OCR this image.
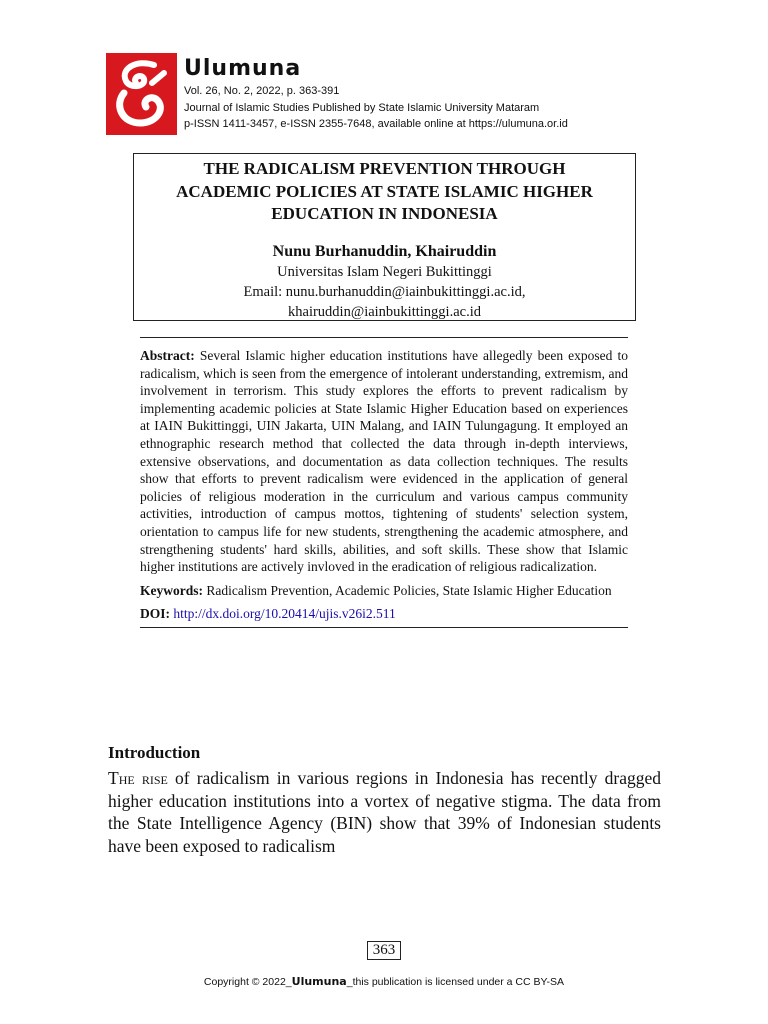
Ulumuna
Vol. 26, No. 2, 2022, p. 363-391
Journal of Islamic Studies Published by State Islamic University Mataram
p-ISSN 1411-3457, e-ISSN 2355-7648, available online at https://ulumuna.or.id
THE RADICALISM PREVENTION THROUGH
ACADEMIC POLICIES AT STATE ISLAMIC HIGHER
EDUCATION IN INDONESIA
Nunu Burhanuddin, Khairuddin
Universitas Islam Negeri Bukittinggi
Email: nunu.burhanuddin@iainbukittinggi.ac.id,
khairuddin@iainbukittinggi.ac.id

Abstract: Several Islamic higher education institutions have allegedly been exposed to radicalism, which is seen from the emergence of intolerant understanding, extremism, and involvement in terrorism. This study explores the efforts to prevent radicalism by implementing academic policies at State Islamic Higher Education based on experiences at IAIN Bukittinggi, UIN Jakarta, UIN Malang, and IAIN Tulungagung. It employed an ethnographic research method that collected the data through in-depth interviews, extensive observations, and documentation as data collection techniques. The results show that efforts to prevent radicalism were evidenced in the application of general policies of religious moderation in the curriculum and various campus community activities, introduction of campus mottos, tightening of students' selection system, orientation to campus life for new students, strengthening the academic atmosphere, and strengthening students' hard skills, abilities, and soft skills. These show that Islamic higher institutions are actively invloved in the eradication of religious radicalization.

Keywords: Radicalism Prevention, Academic Policies, State Islamic Higher Education

DOI: http://dx.doi.org/10.20414/ujis.v26i2.511

Introduction
The rise of radicalism in various regions in Indonesia has recently dragged higher education institutions into a vortex of negative stigma. The data from the State Intelligence Agency (BIN) show that 39% of Indonesian students have been exposed to radicalism
363
Copyright © 2022_Ulumuna_this publication is licensed under a CC BY-SA
